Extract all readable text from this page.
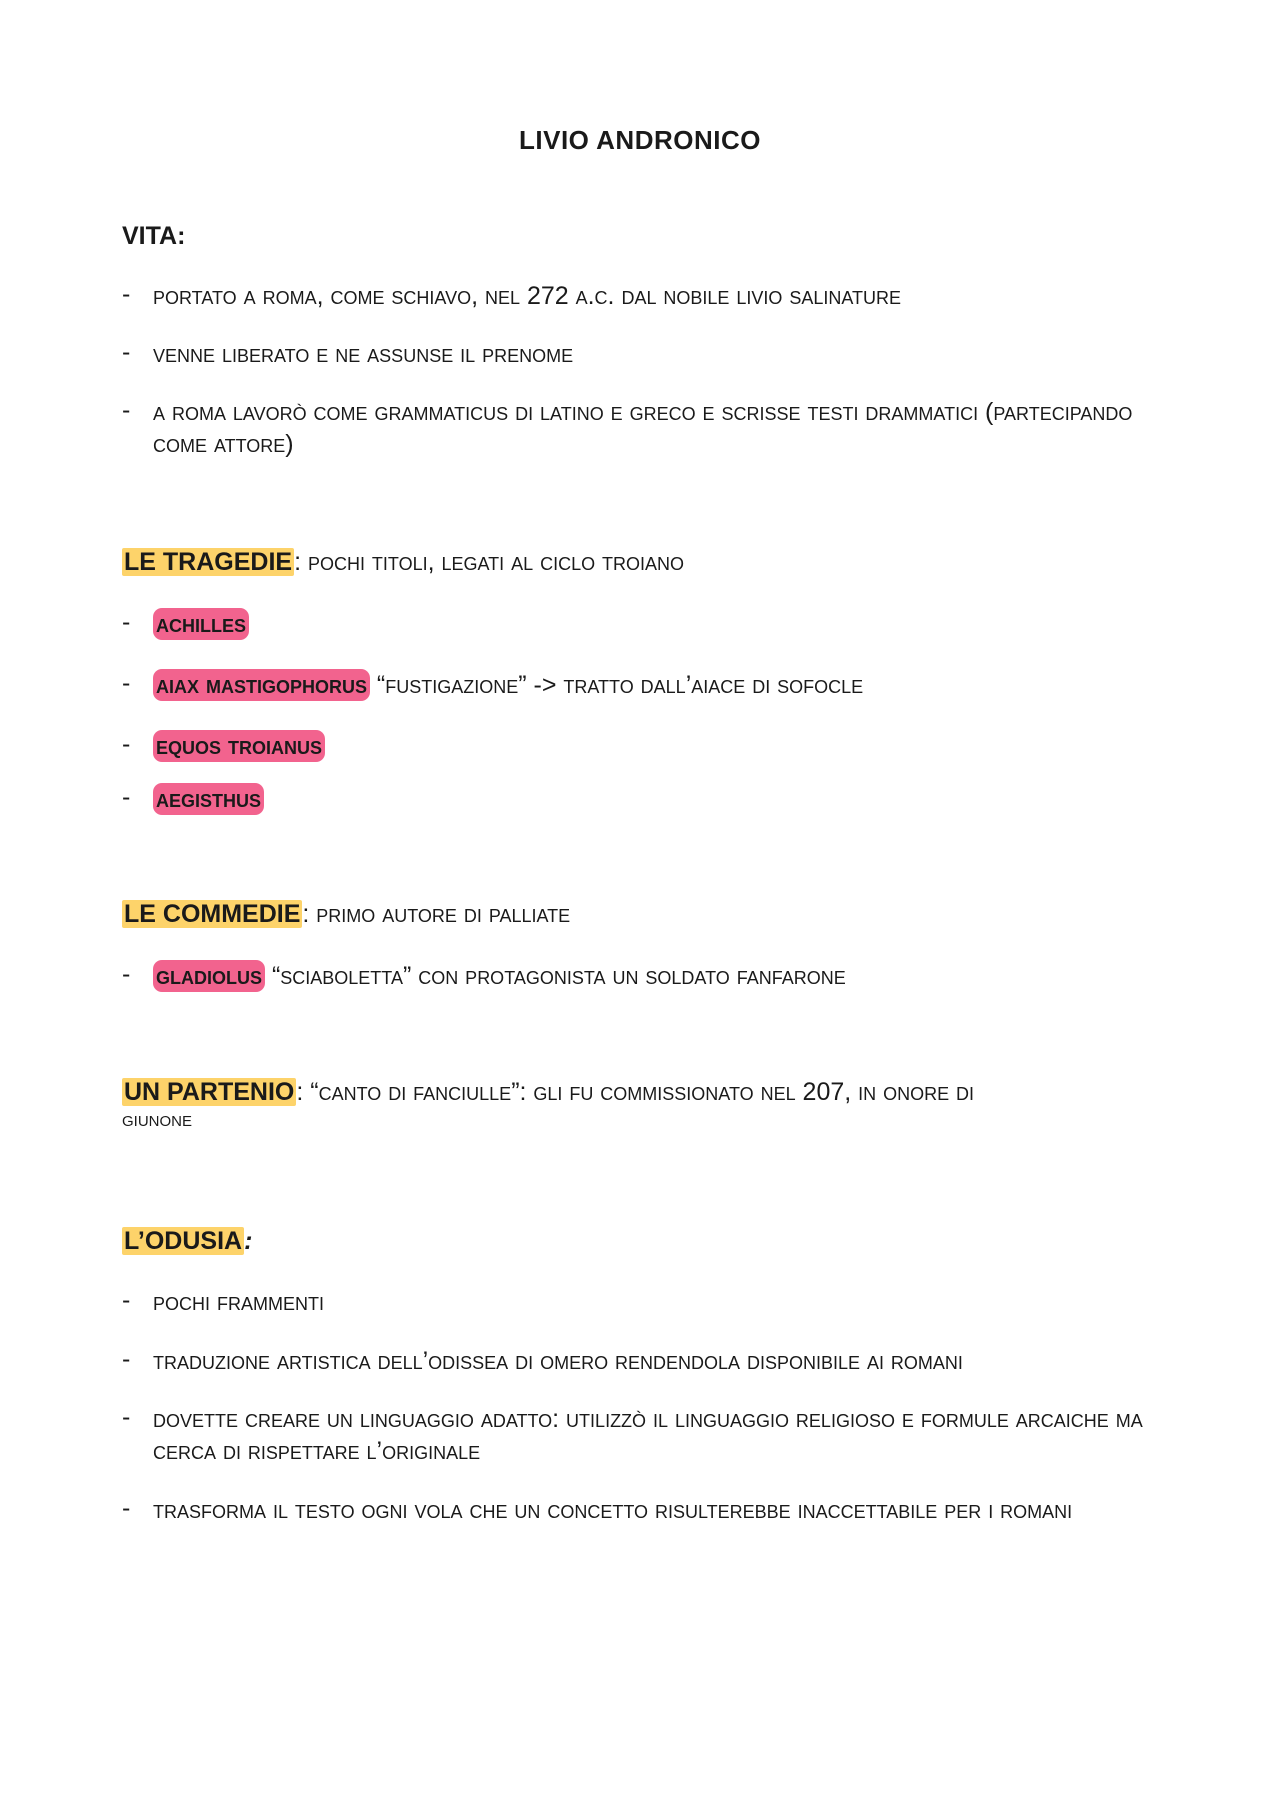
LIVIO ANDRONICO
VITA:
- portato a roma, come schiavo, nel 272 a.c. dal nobile livio salinature
- venne liberato e ne assunse il prenome
- a roma lavorò come grammaticus di latino e greco e scrisse testi drammatici (partecipando come attore)
LE TRAGEDIE: pochi titoli, legati al ciclo troiano
- achilles
- aiax mastigophorus “fustigazione” -> tratto dall’aiace di sofocle
- equos troianus
- aegisthus
LE COMMEDIE: primo autore di palliate
- gladiolus “sciaboletta” con protagonista un soldato fanfarone
UN PARTENIO: “canto di fanciulle”: gli fu commissionato nel 207, in onore di
giunone
L’ODUSIA:
- pochi frammenti
- traduzione artistica dell’odissea di omero rendendola disponibile ai romani
- dovette creare un linguaggio adatto: utilizzò il linguaggio religioso e formule arcaiche ma cerca di rispettare l’originale
- trasforma il testo ogni vola che un concetto risulterebbe inaccettabile per i romani
